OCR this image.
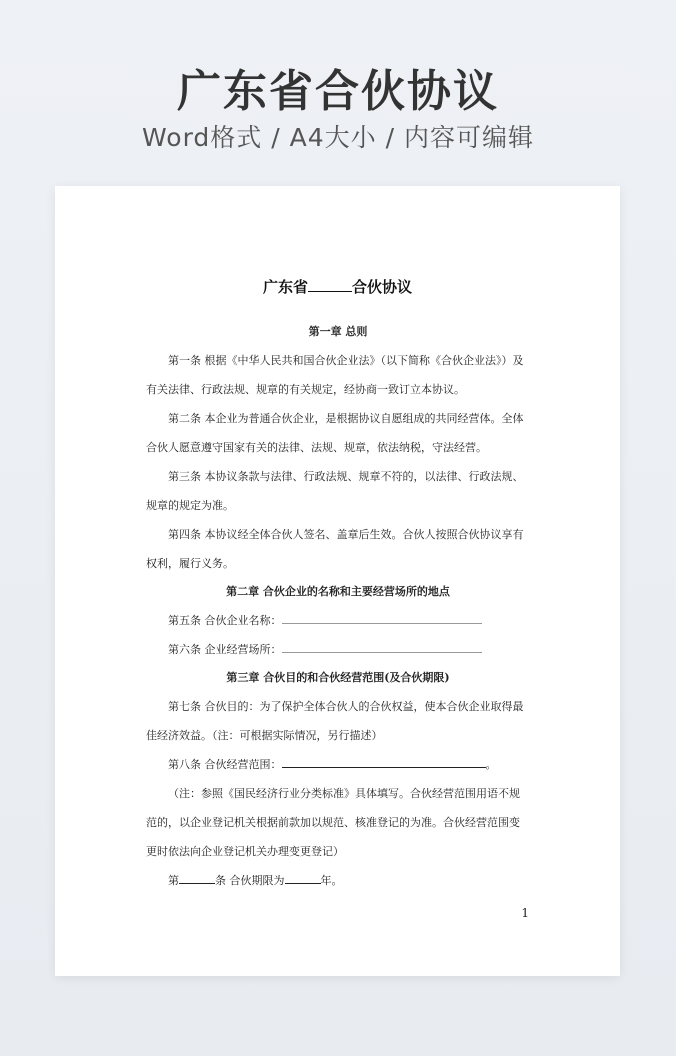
广东省合伙协议
Word格式 / A4大小 / 内容可编辑
广东省	合伙协议
第一章 总则

第一条 根据《中华人民共和国合伙企业法》（以下简称《合伙企业法》）及有关法律、行政法规、规章的有关规定，经协商一致订立本协议。

第二条 本企业为普通合伙企业，是根据协议自愿组成的共同经营体。全体合伙人愿意遵守国家有关的法律、法规、规章，依法纳税，守法经营。

第三条 本协议条款与法律、行政法规、规章不符的，以法律、行政法规、规章的规定为准。

第四条 本协议经全体合伙人签名、盖章后生效。合伙人按照合伙协议享有权利，履行义务。

第二章 合伙企业的名称和主要经营场所的地点
第五条 合伙企业名称：
第六条 企业经营场所：
第三章 合伙目的和合伙经营范围(及合伙期限)

第七条 合伙目的：为了保护全体合伙人的合伙权益，使本合伙企业取得最佳经济效益。（注：可根据实际情况，另行描述）

第八条 合伙经营范围：	。

（注：参照《国民经济行业分类标准》具体填写。合伙经营范围用语不规范的，以企业登记机关根据前款加以规范、核准登记的为准。合伙经营范围变更时依法向企业登记机关办理变更登记）

第	条 合伙期限为	年。
1
